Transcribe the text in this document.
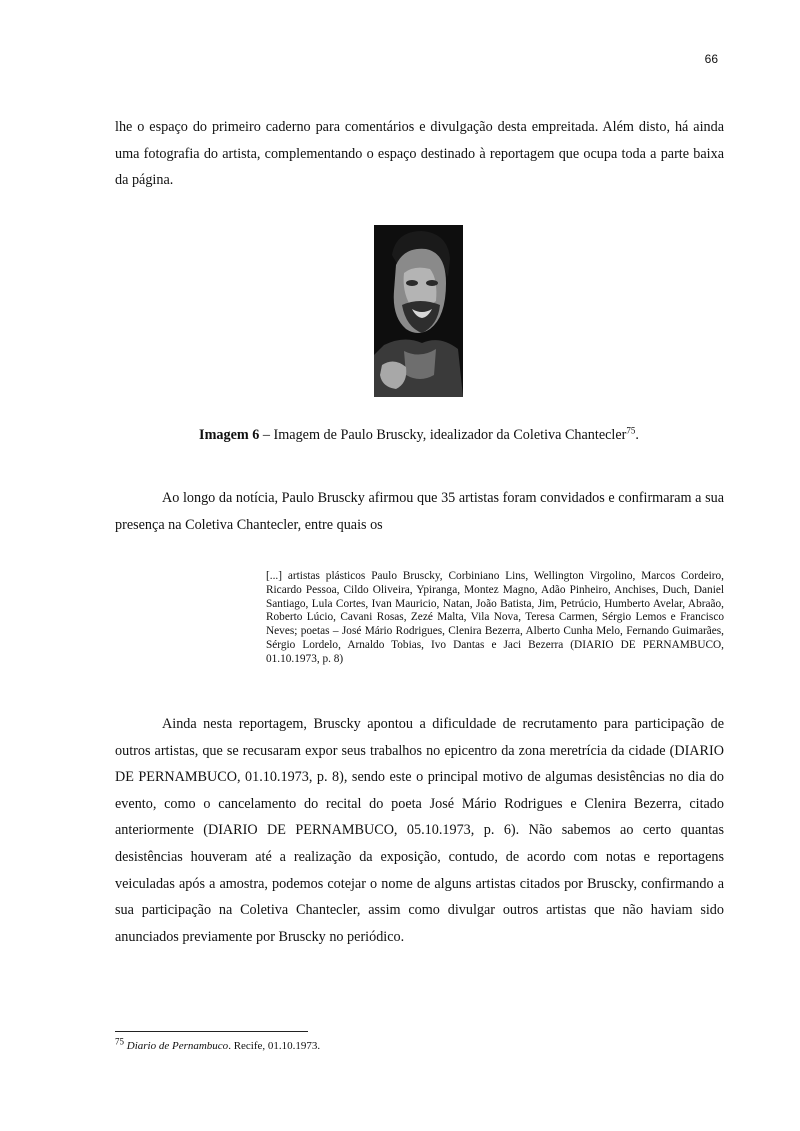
66

lhe o espaço do primeiro caderno para comentários e divulgação desta empreitada. Além disto, há ainda uma fotografia do artista, complementando o espaço destinado à reportagem que ocupa toda a parte baixa da página.

Imagem 6 – Imagem de Paulo Bruscky, idealizador da Coletiva Chantecler$^{75}$.

Ao longo da notícia, Paulo Bruscky afirmou que 35 artistas foram convidados e confirmaram a sua presença na Coletiva Chantecler, entre quais os

[...] artistas plásticos Paulo Bruscky, Corbiniano Lins, Wellington Virgolino, Marcos Cordeiro, Ricardo Pessoa, Cildo Oliveira, Ypiranga, Montez Magno, Adão Pinheiro, Anchises, Duch, Daniel Santiago, Lula Cortes, Ivan Mauricio, Natan, João Batista, Jim, Petrúcio, Humberto Avelar, Abraão, Roberto Lúcio, Cavani Rosas, Zezé Malta, Vila Nova, Teresa Carmen, Sérgio Lemos e Francisco Neves; poetas – José Mário Rodrigues, Clenira Bezerra, Alberto Cunha Melo, Fernando Guimarães, Sérgio Lordelo, Arnaldo Tobias, Ivo Dantas e Jaci Bezerra (DIARIO DE PERNAMBUCO, 01.10.1973, p. 8)

Ainda nesta reportagem, Bruscky apontou a dificuldade de recrutamento para participação de outros artistas, que se recusaram expor seus trabalhos no epicentro da zona meretrícia da cidade (DIARIO DE PERNAMBUCO, 01.10.1973, p. 8), sendo este o principal motivo de algumas desistências no dia do evento, como o cancelamento do recital do poeta José Mário Rodrigues e Clenira Bezerra, citado anteriormente (DIARIO DE PERNAMBUCO, 05.10.1973, p. 6). Não sabemos ao certo quantas desistências houveram até a realização da exposição, contudo, de acordo com notas e reportagens veiculadas após a amostra, podemos cotejar o nome de alguns artistas citados por Bruscky, confirmando a sua participação na Coletiva Chantecler, assim como divulgar outros artistas que não haviam sido anunciados previamente por Bruscky no periódico.

$^{75}$ Diario de Pernambuco. Recife, 01.10.1973.
